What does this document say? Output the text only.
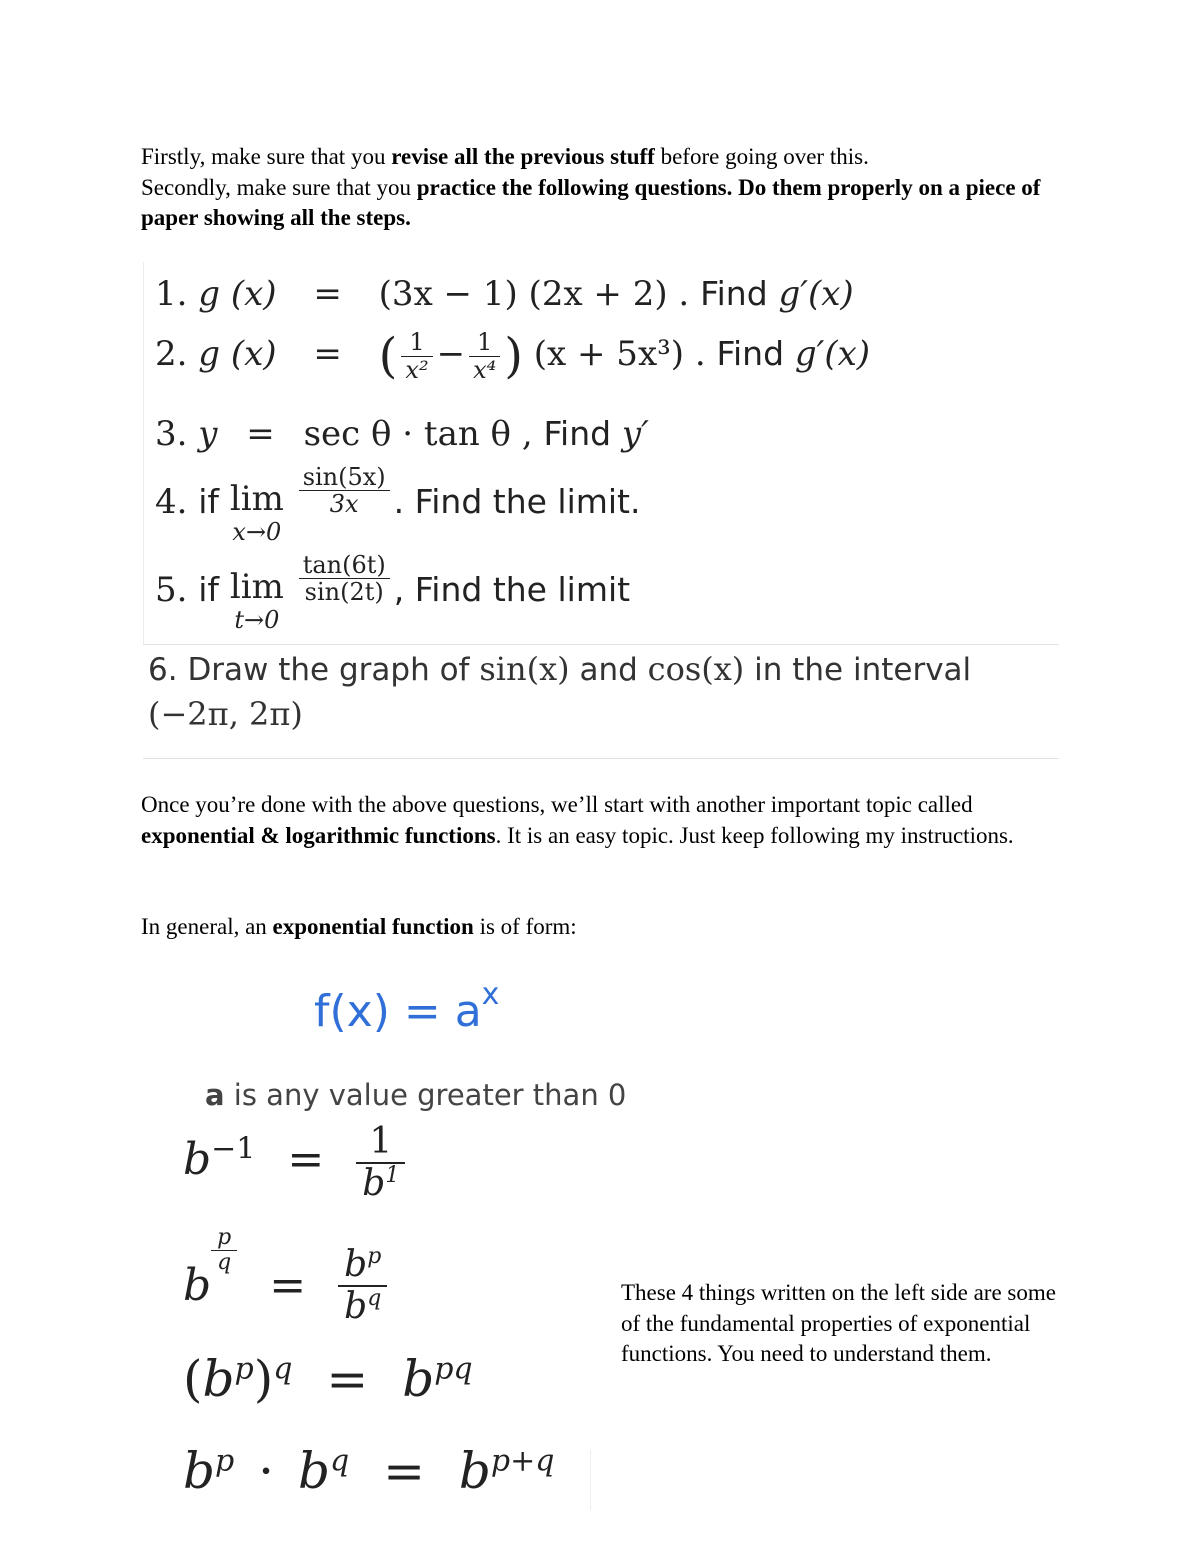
Firstly, make sure that you revise all the previous stuff before going over this.
Secondly, make sure that you practice the following questions. Do them properly on a piece of paper showing all the steps.
1. g (x) = (3x − 1) (2x + 2) . Find g′(x)
2. g (x) = ( $\frac{1}{\text{x²}} - \frac{1}{\text{x⁴}}$ ) (x + 5x³) . Find g′(x)
3. y = sec θ · tan θ , Find y′
4. if lim
x→0

$\frac{\sin(5x)}{3x}$ . Find the limit.
5. if lim
t→0

$\frac{\tan(6t)}{\sin(2t)}$ , Find the limit
6. Draw the graph of sin(x) and cos(x) in the interval
(−2π, 2π)
Once you’re done with the above questions, we’ll start with another important topic called exponential & logarithmic functions. It is an easy topic. Just keep following my instructions.
In general, an exponential function is of form:
$f(x) = a^x$
a is any value greater than 0
$b^{-1} = \frac{1}{b^1}$
b
$\frac{p}{q}$
= $\frac{b^p}{b^q}$
$(b^p)^q = b^{pq}$
$b^p \cdot b^q = b^{p+q}$
These 4 things written on the left side are some of the fundamental properties of exponential functions. You need to understand them.
